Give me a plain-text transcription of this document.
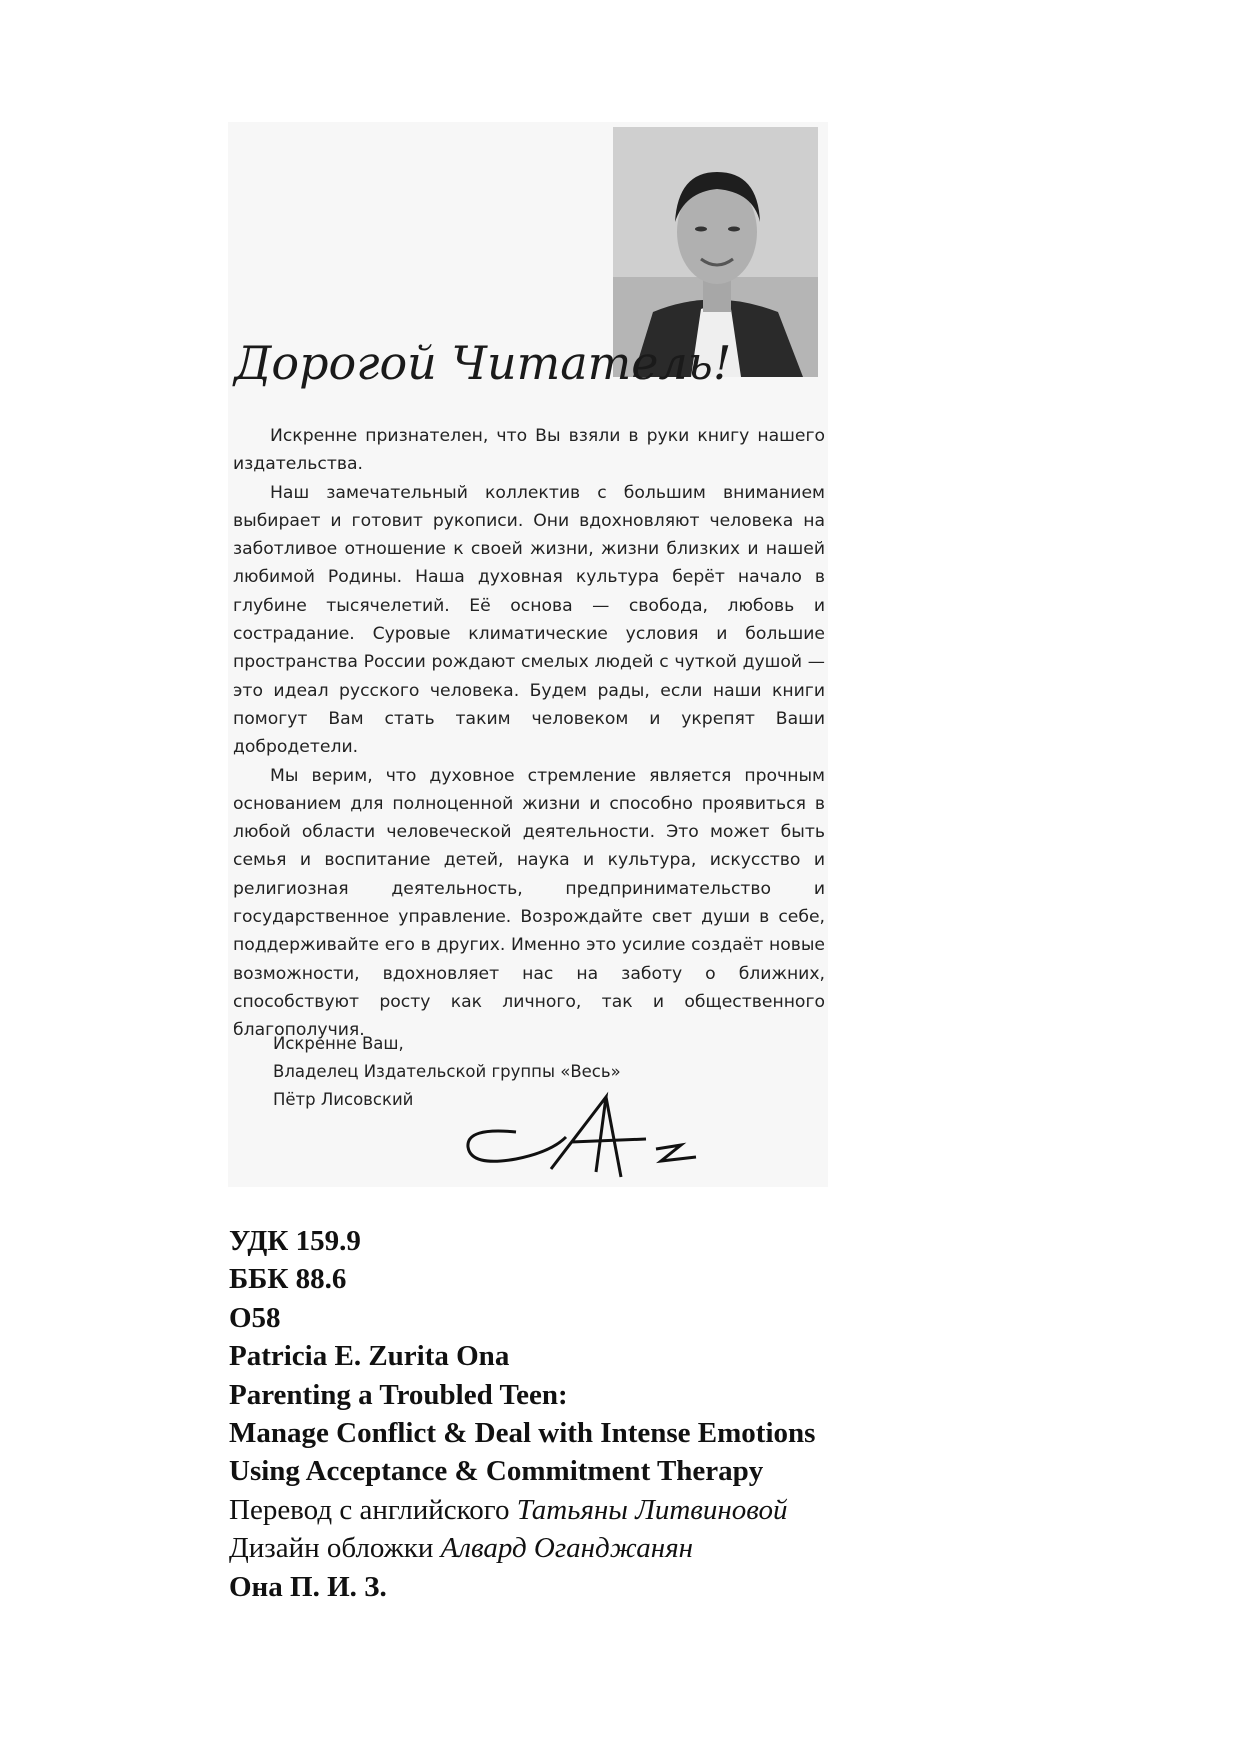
Дорогой Читатель!

Искренне признателен, что Вы взяли в руки книгу нашего издательства.

Наш замечательный коллектив с большим вниманием выбирает и готовит рукописи. Они вдохновляют человека на заботливое отношение к своей жизни, жизни близких и нашей любимой Родины. Наша духовная культура берёт начало в глубине тысячелетий. Её основа — свобода, любовь и сострадание. Суровые климатические условия и большие пространства России рождают смелых людей с чуткой душой — это идеал русского человека. Будем рады, если наши книги помогут Вам стать таким человеком и укрепят Ваши добродетели.

Мы верим, что духовное стремление является прочным основанием для полноценной жизни и способно проявиться в любой области человеческой деятельности. Это может быть семья и воспитание детей, наука и культура, искусство и религиозная деятельность, предпринимательство и государственное управление. Возрождайте свет души в себе, поддерживайте его в других. Именно это усилие создаёт новые возможности, вдохновляет нас на заботу о ближних, способствуют росту как личного, так и общественного благополучия.

Искренне Ваш,
Владелец Издательской группы «Весь»
Пётр Лисовский
УДК 159.9
ББК 88.6
O58
Patricia E. Zurita Ona
Parenting a Troubled Teen:
Manage Conflict & Deal with Intense Emotions
Using Acceptance & Commitment Therapy
Перевод с английского Татьяны Литвиновой
Дизайн обложки Алвард Оганджанян
Она П. И. З.
